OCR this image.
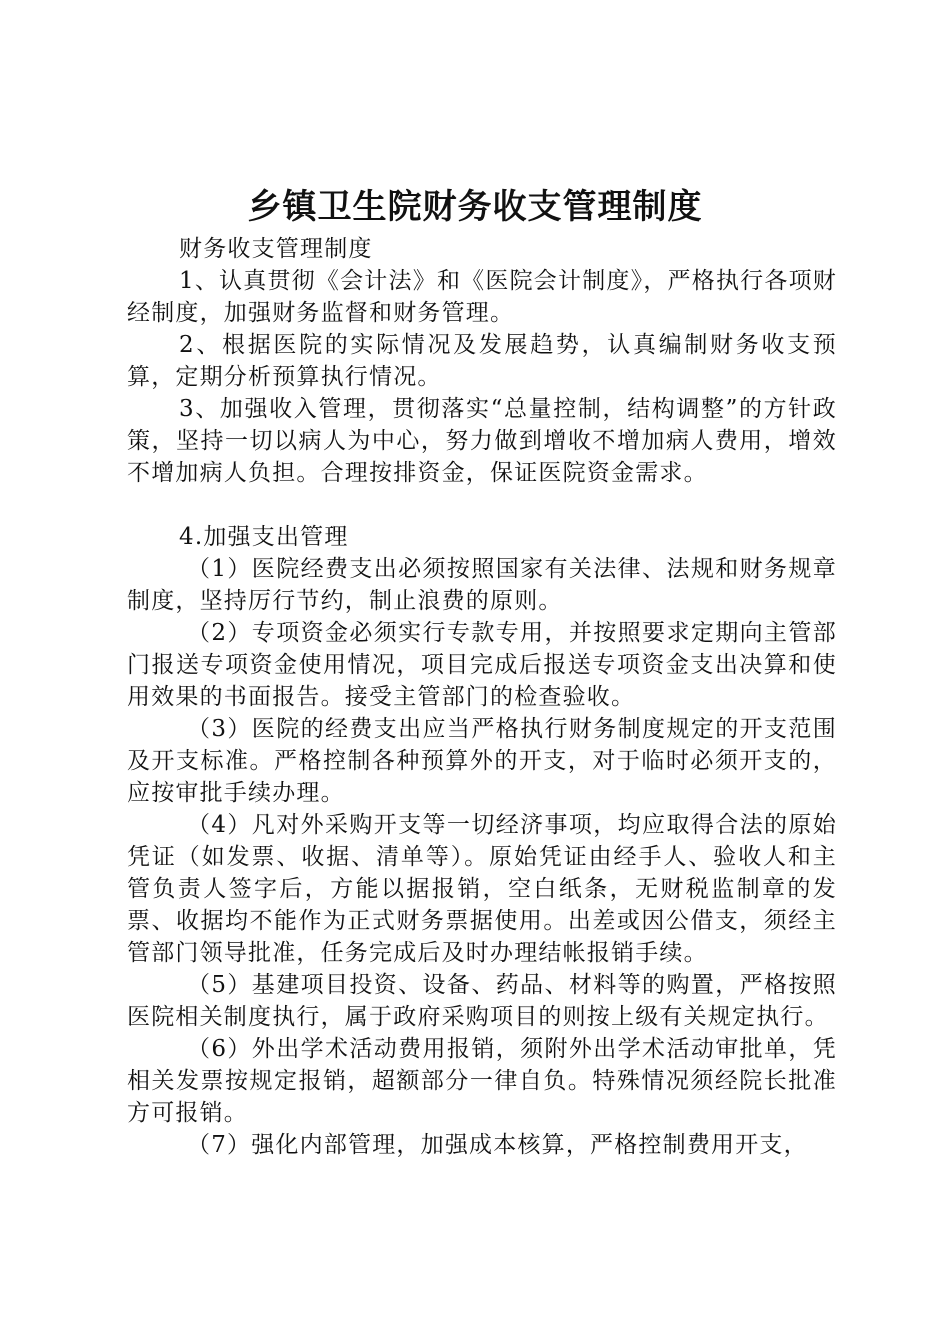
乡镇卫生院财务收支管理制度

财务收支管理制度

1、认真贯彻《会计法》和《医院会计制度》，严格执行各项财经制度，加强财务监督和财务管理。

2、根据医院的实际情况及发展趋势，认真编制财务收支预算，定期分析预算执行情况。

3、加强收入管理，贯彻落实“总量控制，结构调整”的方针政策，坚持一切以病人为中心，努力做到增收不增加病人费用，增效不增加病人负担。合理按排资金，保证医院资金需求。

4.加强支出管理

（1）医院经费支出必须按照国家有关法律、法规和财务规章制度，坚持厉行节约，制止浪费的原则。

（2）专项资金必须实行专款专用，并按照要求定期向主管部门报送专项资金使用情况，项目完成后报送专项资金支出决算和使用效果的书面报告。接受主管部门的检查验收。

（3）医院的经费支出应当严格执行财务制度规定的开支范围及开支标准。严格控制各种预算外的开支，对于临时必须开支的，应按审批手续办理。

（4）凡对外采购开支等一切经济事项，均应取得合法的原始凭证（如发票、收据、清单等）。原始凭证由经手人、验收人和主管负责人签字后，方能以据报销，空白纸条，无财税监制章的发票、收据均不能作为正式财务票据使用。出差或因公借支，须经主管部门领导批准，任务完成后及时办理结帐报销手续。

（5）基建项目投资、设备、药品、材料等的购置，严格按照医院相关制度执行，属于政府采购项目的则按上级有关规定执行。

（6）外出学术活动费用报销，须附外出学术活动审批单，凭相关发票按规定报销，超额部分一律自负。特殊情况须经院长批准方可报销。

（7）强化内部管理，加强成本核算，严格控制费用开支，
